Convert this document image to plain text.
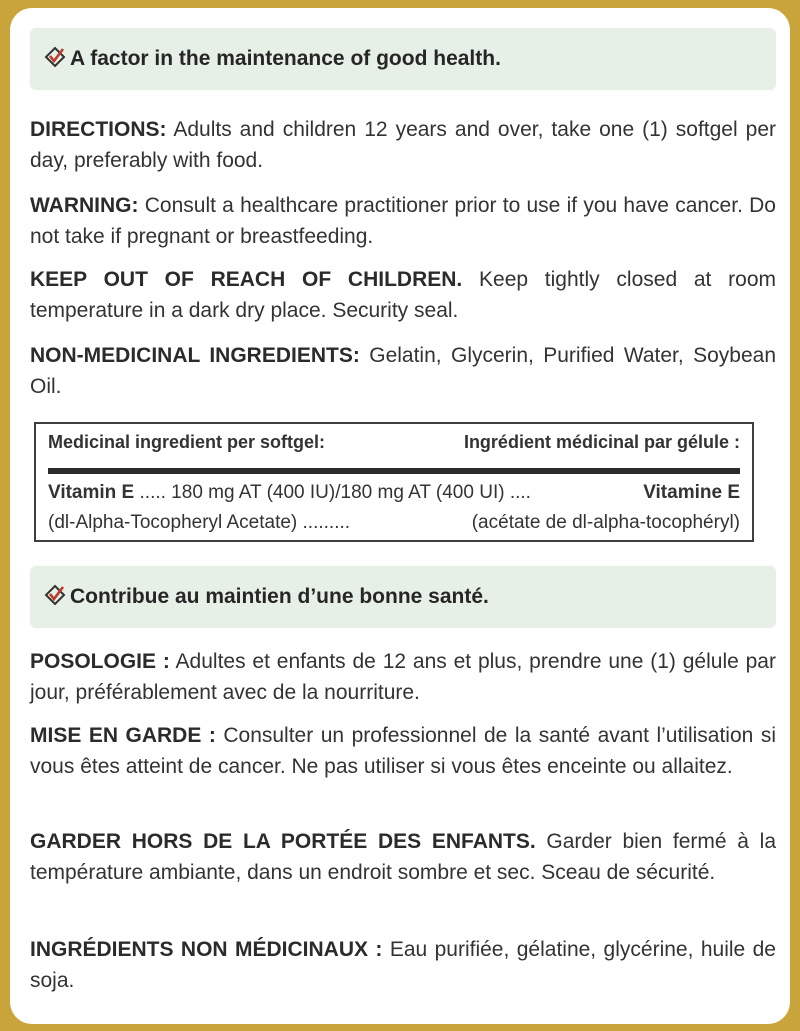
A factor in the maintenance of good health.

DIRECTIONS: Adults and children 12 years and over, take one (1) softgel per day, preferably with food.

WARNING: Consult a healthcare practitioner prior to use if you have cancer. Do not take if pregnant or breastfeeding.

KEEP OUT OF REACH OF CHILDREN. Keep tightly closed at room temperature in a dark dry place. Security seal.

NON-MEDICINAL INGREDIENTS: Gelatin, Glycerin, Purified Water, Soybean Oil.

Medicinal ingredient per softgel:	Ingrédient médicinal par gélule :
Vitamin E ..... 180 mg AT (400 IU)/180 mg AT (400 UI) ....	Vitamine E
(dl-Alpha-Tocopheryl Acetate) .........	(acétate de dl-alpha-tocophéryl)
Contribue au maintien d’une bonne santé.

POSOLOGIE : Adultes et enfants de 12 ans et plus, prendre une (1) gélule par jour, préférablement avec de la nourriture.

MISE EN GARDE : Consulter un professionnel de la santé avant l’utilisation si vous êtes atteint de cancer. Ne pas utiliser si vous êtes enceinte ou allaitez.

GARDER HORS DE LA PORTÉE DES ENFANTS. Garder bien fermé à la température ambiante, dans un endroit sombre et sec. Sceau de sécurité.

INGRÉDIENTS NON MÉDICINAUX : Eau purifiée, gélatine, glycérine, huile de soja.
